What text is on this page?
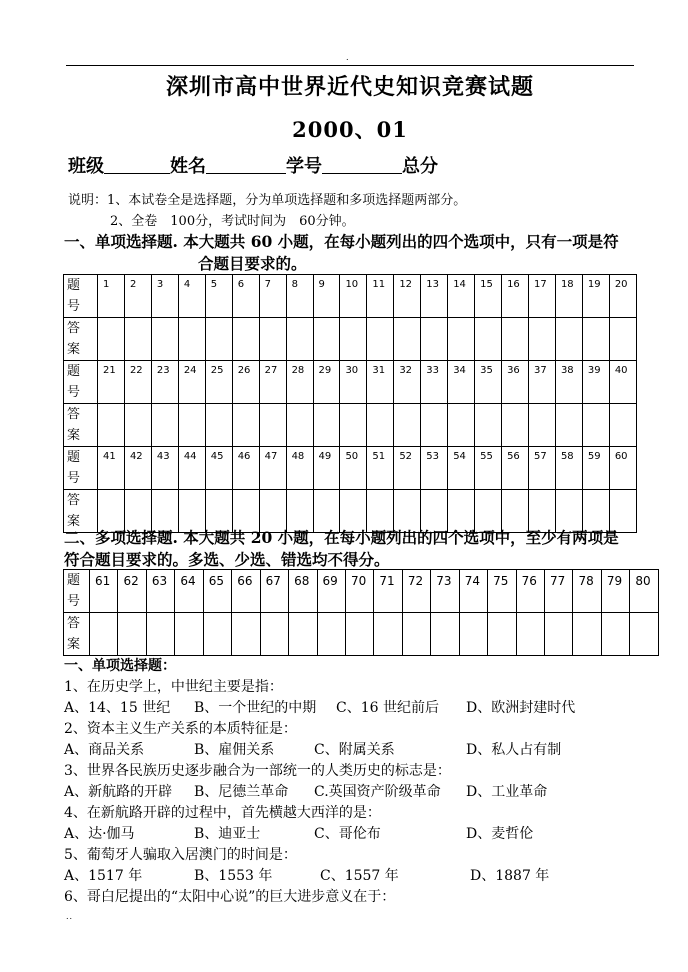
.
深圳市高中世界近代史知识竞赛试题
2000、01
班级	姓名	学号	总分
说明：1、本试卷全是选择题，分为单项选择题和多项选择题两部分。
2、全卷　100分，考试时间为　60分钟。
一、单项选择题. 本大题共 60 小题，在每小题列出的四个选项中，只有一项是符
合题目要求的。
题号	1	2	3	4	5	6	7	8	9	10	11	12	13	14	15	16	17	18	19	20

答案																				

题号	21	22	23	24	25	26	27	28	29	30	31	32	33	34	35	36	37	38	39	40

答案																				

题号	41	42	43	44	45	46	47	48	49	50	51	52	53	54	55	56	57	58	59	60

答案																				

二、多项选择题. 本大题共 20 小题，在每小题列出的四个选项中，至少有两项是
符合题目要求的。多选、少选、错选均不得分。
题号	61	62	63	64	65	66	67	68	69	70	71	72	73	74	75	76	77	78	79	80

答案																				

一、单项选择题：
1、在历史学上，中世纪主要是指：
A、14、15 世纪 B、一个世纪的中期 C、16 世纪前后 D、欧洲封建时代
2、资本主义生产关系的本质特征是：
A、商品关系	B、雇佣关系	C、附属关系	D、私人占有制
3、世界各民族历史逐步融合为一部统一的人类历史的标志是：
A、新航路的开辟 B、尼德兰革命 C.英国资产阶级革命 D、工业革命
4、在新航路开辟的过程中，首先横越大西洋的是：
A、达·伽马	B、迪亚士	C、哥伦布	D、麦哲伦
5、葡萄牙人骗取入居澳门的时间是：
A、1517 年	B、1553 年	C、1557 年	D、1887 年
6、哥白尼提出的“太阳中心说”的巨大进步意义在于：
..
